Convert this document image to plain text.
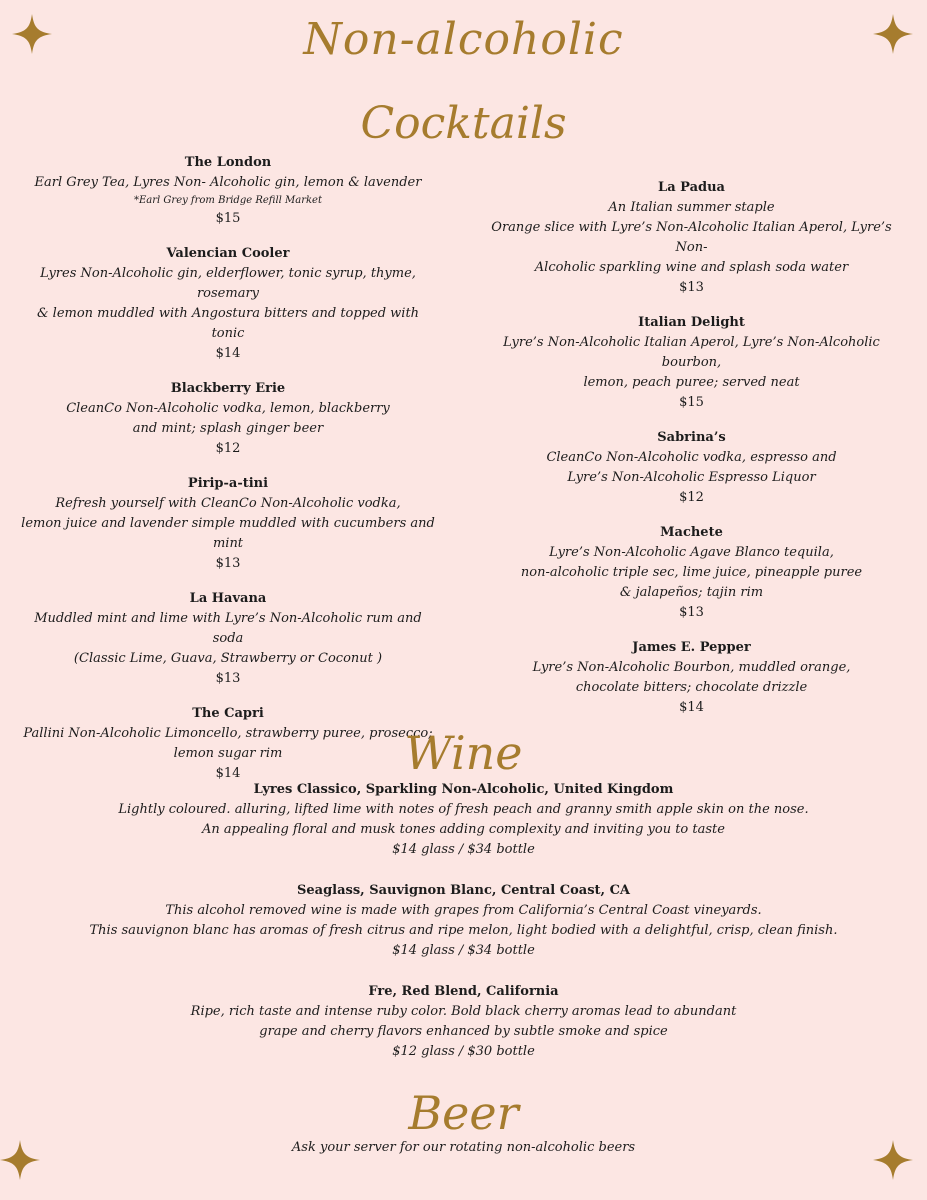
Non-alcoholic
Cocktails
The London
Earl Grey Tea, Lyres Non- Alcoholic gin, lemon & lavender
*Earl Grey from Bridge Refill Market
$15
Valencian Cooler
Lyres Non-Alcoholic gin, elderflower, tonic syrup, thyme, rosemary
& lemon muddled with Angostura bitters and topped with tonic
$14
Blackberry Erie
CleanCo Non-Alcoholic vodka, lemon, blackberry
and mint; splash ginger beer
$12
Pirip-a-tini
Refresh yourself with CleanCo Non-Alcoholic vodka,
lemon juice and lavender simple muddled with cucumbers and mint
$13
La Havana
Muddled mint and lime with Lyre’s Non-Alcoholic rum and soda
(Classic Lime, Guava, Strawberry or Coconut )
$13
The Capri
Pallini Non-Alcoholic Limoncello, strawberry puree, prosecco;
lemon sugar rim
$14
La Padua
An Italian summer staple
Orange slice with Lyre’s Non-Alcoholic Italian Aperol, Lyre’s Non-
Alcoholic sparkling wine and splash soda water
$13
Italian Delight
Lyre’s Non-Alcoholic Italian Aperol, Lyre’s Non-Alcoholic bourbon,
lemon, peach puree; served neat
$15
Sabrina’s
CleanCo Non-Alcoholic vodka, espresso and
Lyre’s Non-Alcoholic Espresso Liquor
$12
Machete
Lyre’s Non-Alcoholic Agave Blanco tequila,
non-alcoholic triple sec, lime juice, pineapple puree
& jalapeños; tajin rim
$13
James E. Pepper
Lyre’s Non-Alcoholic Bourbon, muddled orange,
chocolate bitters; chocolate drizzle
$14
Wine
Lyres Classico, Sparkling Non-Alcoholic, United Kingdom
Lightly coloured. alluring, lifted lime with notes of fresh peach and granny smith apple skin on the nose.
An appealing floral and musk tones adding complexity and inviting you to taste
$14 glass / $34 bottle
Seaglass, Sauvignon Blanc, Central Coast, CA
This alcohol removed wine is made with grapes from California’s Central Coast vineyards.
This sauvignon blanc has aromas of fresh citrus and ripe melon, light bodied with a delightful, crisp, clean finish.
$14 glass / $34 bottle
Fre, Red Blend, California
Ripe, rich taste and intense ruby color. Bold black cherry aromas lead to abundant
grape and cherry flavors enhanced by subtle smoke and spice
$12 glass / $30 bottle
Beer
Ask your server for our rotating non-alcoholic beers
